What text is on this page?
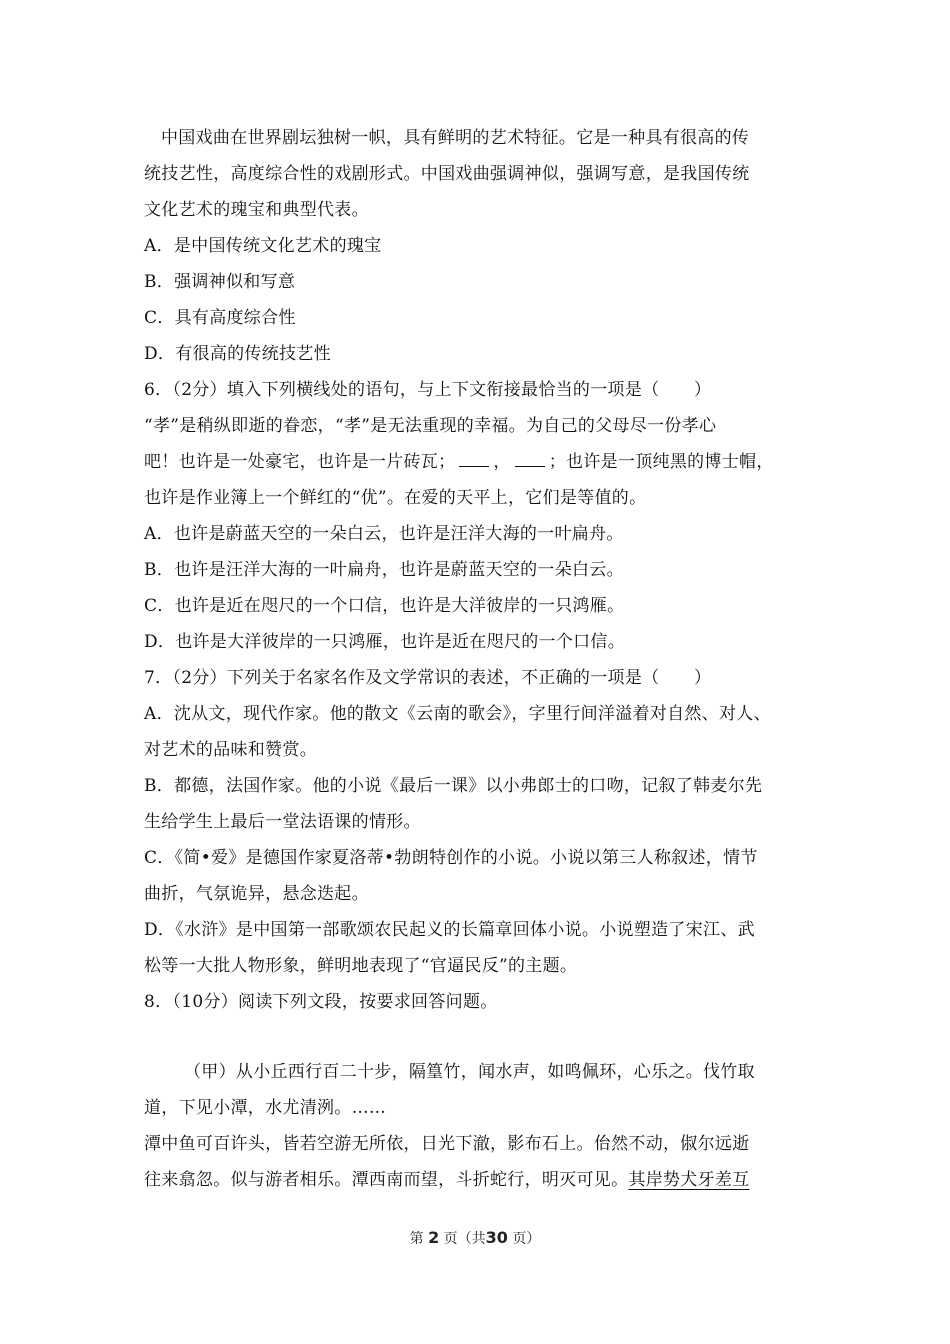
中国戏曲在世界剧坛独树一帜，具有鲜明的艺术特征。它是一种具有很高的传
统技艺性，高度综合性的戏剧形式。中国戏曲强调神似，强调写意，是我国传统
文化艺术的瑰宝和典型代表。
A．是中国传统文化艺术的瑰宝
B．强调神似和写意
C．具有高度综合性
D．有很高的传统技艺性
6．（2分）填入下列横线处的语句，与上下文衔接最恰当的一项是（　　）
“孝”是稍纵即逝的眷恋，“孝”是无法重现的幸福。为自己的父母尽一份孝心
吧！也许是一处豪宅，也许是一片砖瓦； ， ；也许是一顶纯黑的博士帽，
也许是作业簿上一个鲜红的“优”。在爱的天平上，它们是等值的。
A．也许是蔚蓝天空的一朵白云，也许是汪洋大海的一叶扁舟。
B．也许是汪洋大海的一叶扁舟，也许是蔚蓝天空的一朵白云。
C．也许是近在咫尺的一个口信，也许是大洋彼岸的一只鸿雁。
D．也许是大洋彼岸的一只鸿雁，也许是近在咫尺的一个口信。
7．（2分）下列关于名家名作及文学常识的表述，不正确的一项是（　　）
A．沈从文，现代作家。他的散文《云南的歌会》，字里行间洋溢着对自然、对人、
对艺术的品味和赞赏。
B．都德，法国作家。他的小说《最后一课》以小弗郎士的口吻，记叙了韩麦尔先
生给学生上最后一堂法语课的情形。
C．《简•爱》是德国作家夏洛蒂•勃朗特创作的小说。小说以第三人称叙述，情节
曲折，气氛诡异，悬念迭起。
D．《水浒》是中国第一部歌颂农民起义的长篇章回体小说。小说塑造了宋江、武
松等一大批人物形象，鲜明地表现了“官逼民反”的主题。
8．（10分）阅读下列文段，按要求回答问题。
（甲）从小丘西行百二十步，隔篁竹，闻水声，如鸣佩环，心乐之。伐竹取
道，下见小潭，水尤清洌。……
潭中鱼可百许头，皆若空游无所依，日光下澈，影布石上。佁然不动，俶尔远逝
往来翕忽。似与游者相乐。潭西南而望，斗折蛇行，明灭可见。其岸势犬牙差互
第 2 页（共30 页）
